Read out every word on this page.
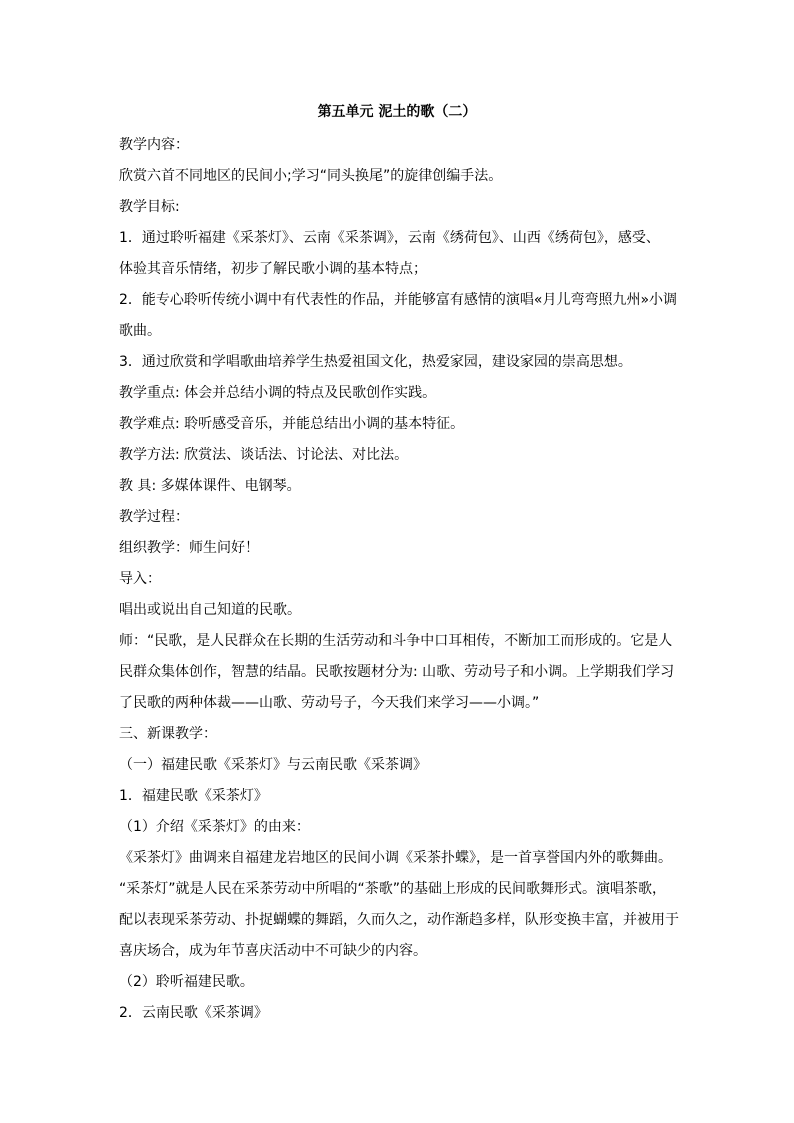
第五单元 泥土的歌（二）
教学内容：
欣赏六首不同地区的民间小;学习“同头换尾”的旋律创编手法。
教学目标:
1．通过聆听福建《采茶灯》、云南《采茶调》，云南《绣荷包》、山西《绣荷包》，感受、
体验其音乐情绪，初步了解民歌小调的基本特点；
2．能专心聆听传统小调中有代表性的作品，并能够富有感情的演唱«月儿弯弯照九州»小调
歌曲。
3．通过欣赏和学唱歌曲培养学生热爱祖国文化，热爱家园，建设家园的崇高思想。
教学重点: 体会并总结小调的特点及民歌创作实践。
教学难点: 聆听感受音乐，并能总结出小调的基本特征。
教学方法: 欣赏法、谈话法、讨论法、对比法。
教 具: 多媒体课件、电钢琴。
教学过程：
组织教学：师生问好！
导入：
唱出或说出自己知道的民歌。
师：“民歌，是人民群众在长期的生活劳动和斗争中口耳相传，不断加工而形成的。它是人
民群众集体创作，智慧的结晶。民歌按题材分为: 山歌、劳动号子和小调。上学期我们学习
了民歌的两种体裁——山歌、劳动号子，今天我们来学习——小调。”
三、新课教学：
（一）福建民歌《采茶灯》与云南民歌《采茶调》
1．福建民歌《采茶灯》
（1）介绍《采茶灯》的由来：
《采茶灯》曲调来自福建龙岩地区的民间小调《采茶扑蝶》，是一首享誉国内外的歌舞曲。
“采茶灯”就是人民在采茶劳动中所唱的“茶歌”的基础上形成的民间歌舞形式。演唱茶歌，
配以表现采茶劳动、扑捉蝴蝶的舞蹈，久而久之，动作渐趋多样，队形变换丰富，并被用于
喜庆场合，成为年节喜庆活动中不可缺少的内容。
（2）聆听福建民歌。
2．云南民歌《采茶调》
